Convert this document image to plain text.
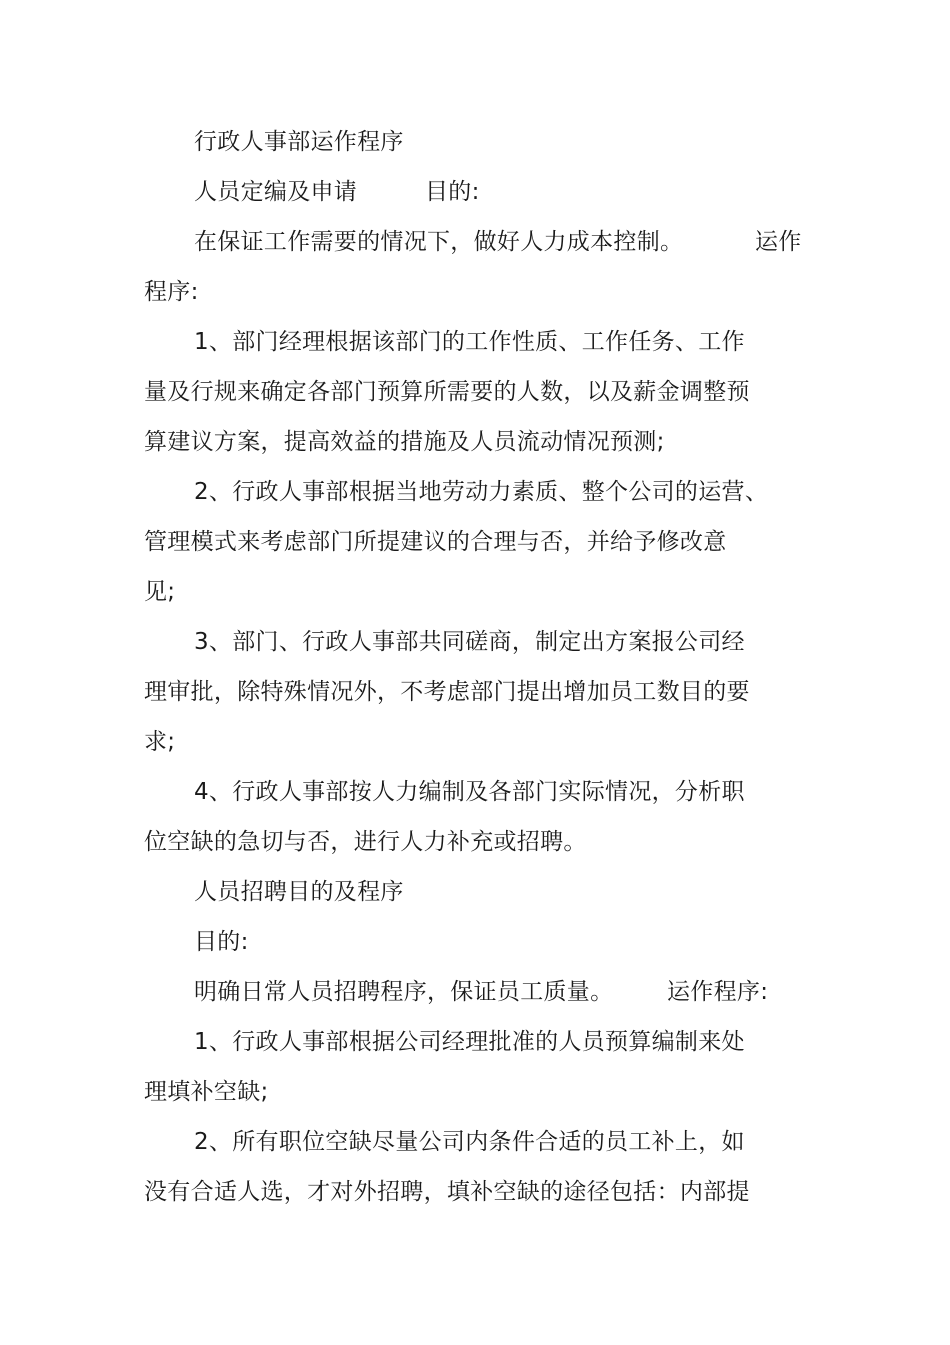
行政人事部运作程序
人员定编及申请	目的:
在保证工作需要的情况下，做好人力成本控制。	运作
程序:
1、部门经理根据该部门的工作性质、工作任务、工作
量及行规来确定各部门预算所需要的人数，以及薪金调整预
算建议方案，提高效益的措施及人员流动情况预测;
2、行政人事部根据当地劳动力素质、整个公司的运营、
管理模式来考虑部门所提建议的合理与否，并给予修改意
见;
3、部门、行政人事部共同磋商，制定出方案报公司经
理审批，除特殊情况外，不考虑部门提出增加员工数目的要
求;
4、行政人事部按人力编制及各部门实际情况，分析职
位空缺的急切与否，进行人力补充或招聘。
人员招聘目的及程序
目的:
明确日常人员招聘程序，保证员工质量。 运作程序:
1、行政人事部根据公司经理批准的人员预算编制来处
理填补空缺;
2、所有职位空缺尽量公司内条件合适的员工补上，如
没有合适人选，才对外招聘，填补空缺的途径包括：内部提
